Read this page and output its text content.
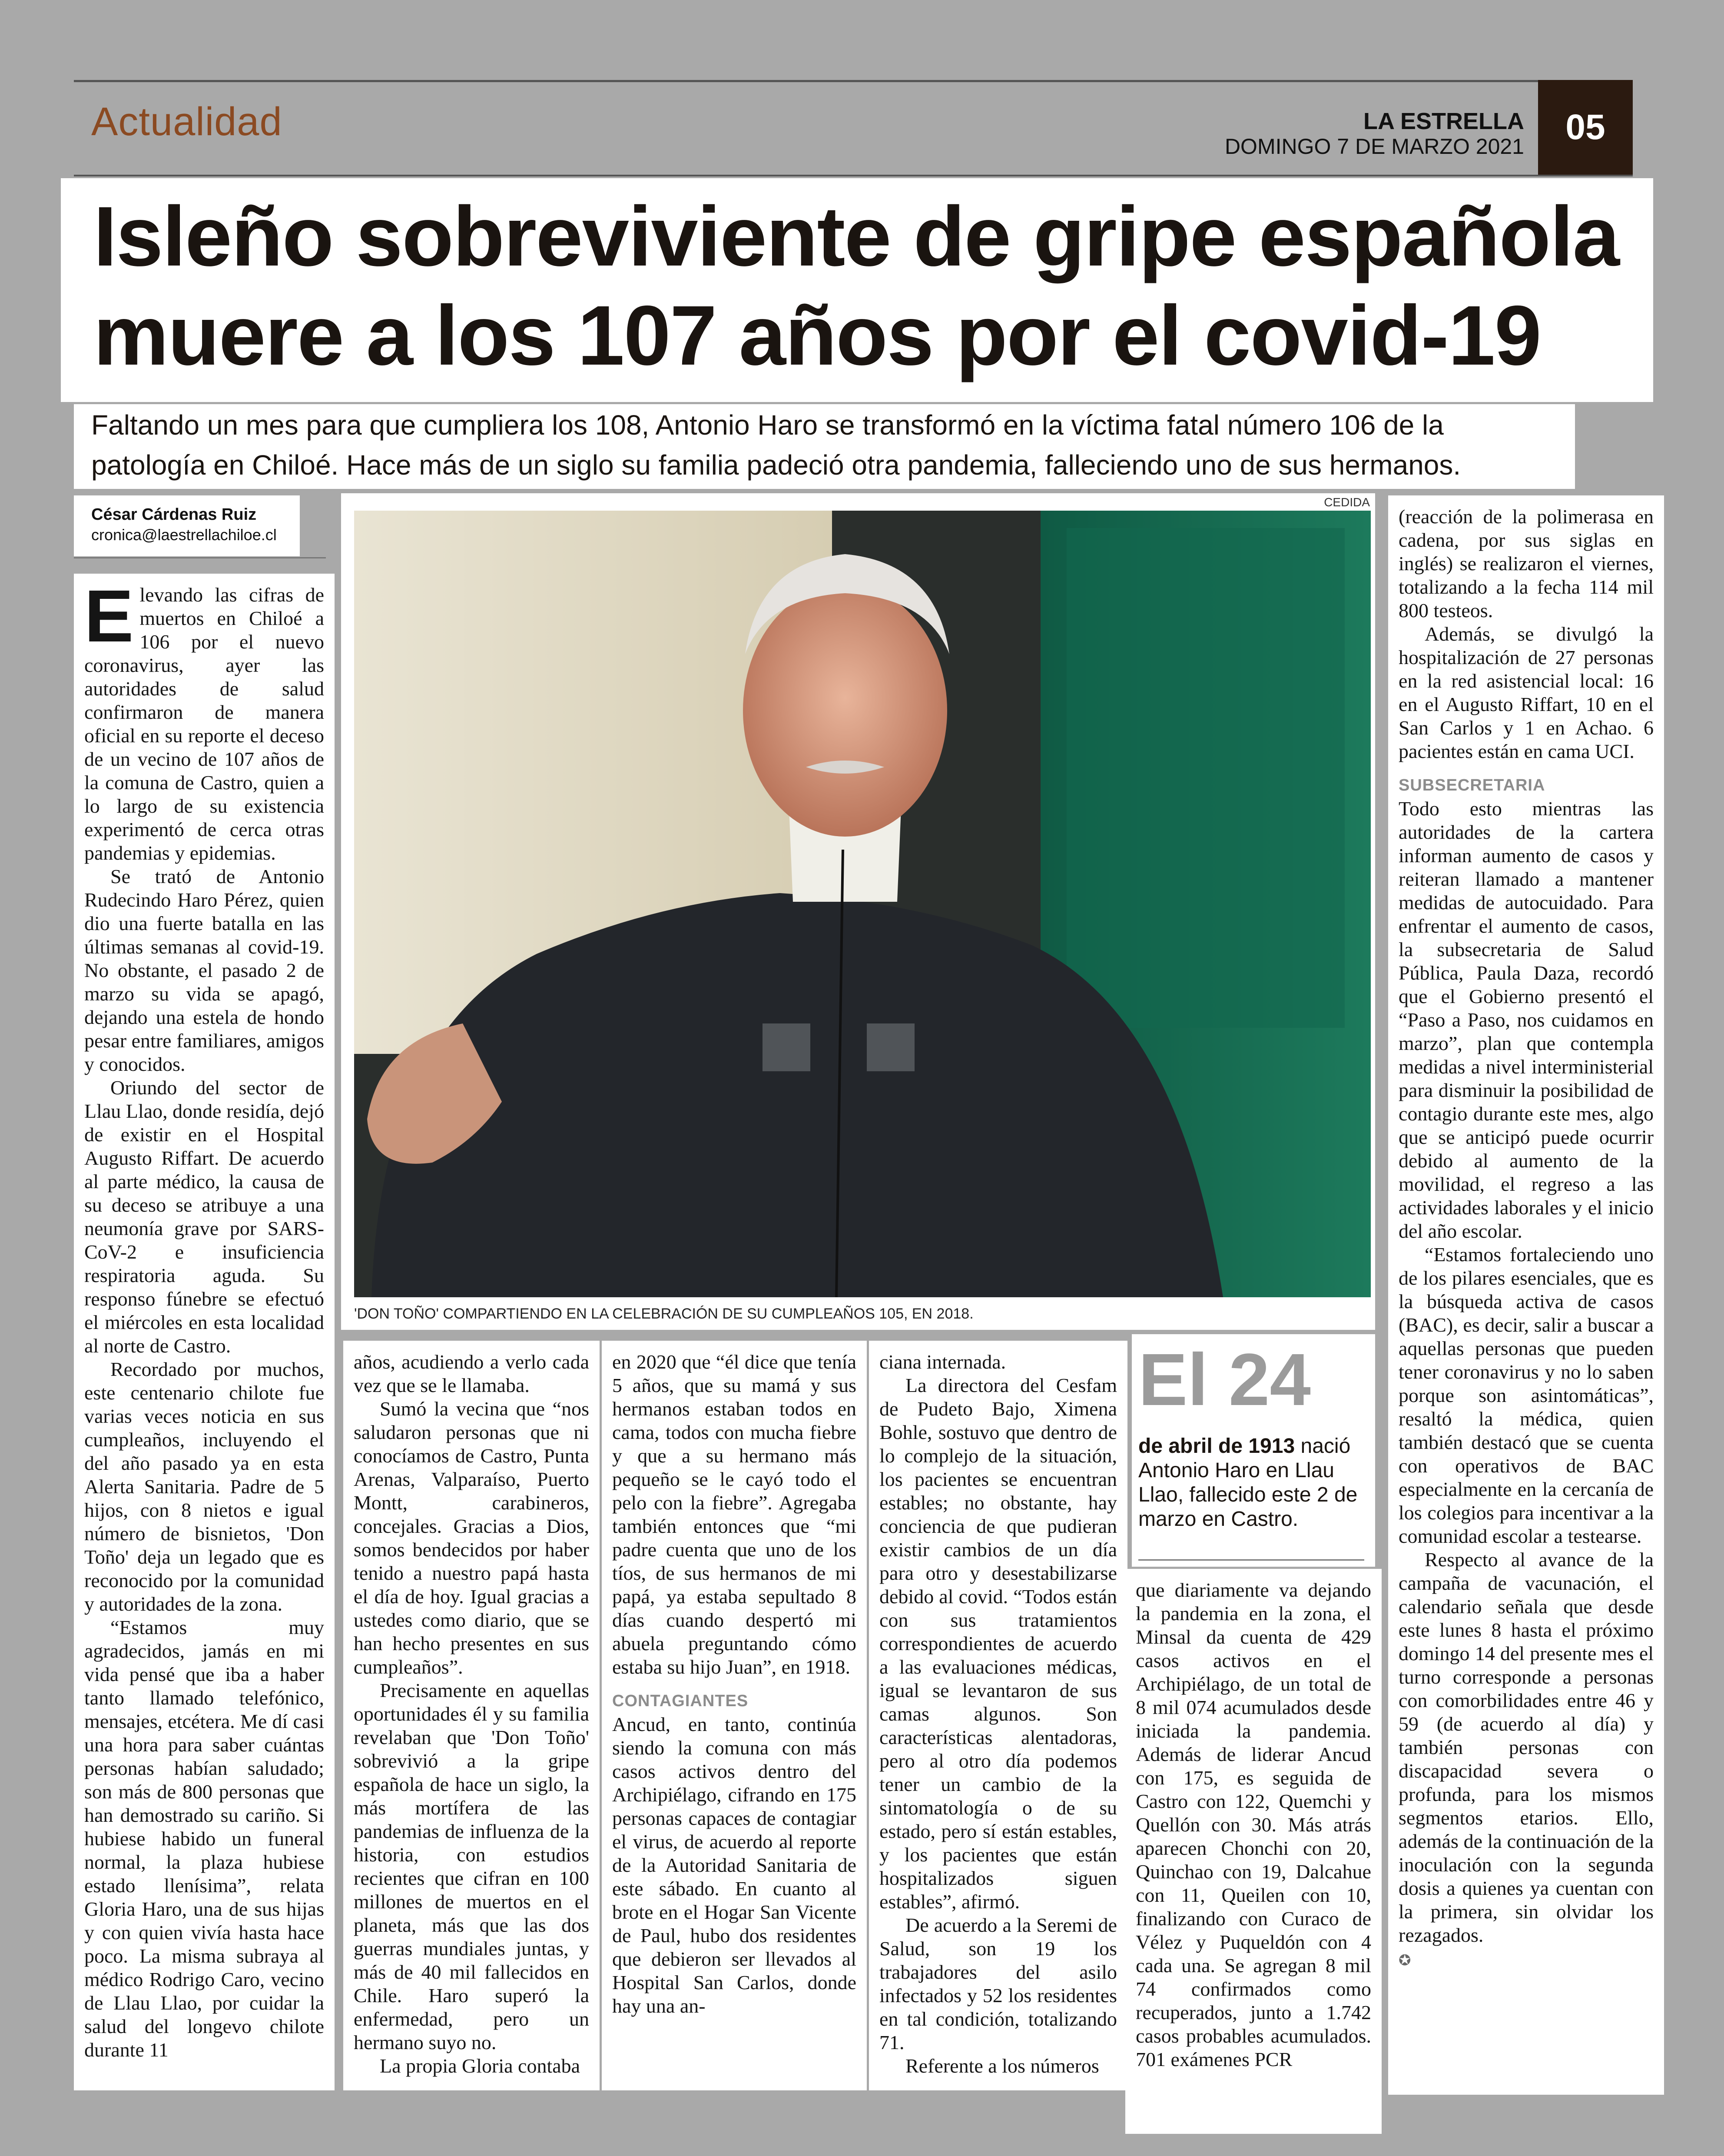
Actualidad	LA ESTRELLA
DOMINGO 7 DE MARZO 2021	05
Isleño sobreviviente de gripe española
muere a los 107 años por el covid-19
Faltando un mes para que cumpliera los 108, Antonio Haro se transformó en la víctima fatal número 106 de la
patología en Chiloé. Hace más de un siglo su familia padeció otra pandemia, falleciendo uno de sus hermanos.
César Cárdenas Ruiz
cronica@laestrellachiloe.cl
CEDIDA
'DON TOÑO' COMPARTIENDO EN LA CELEBRACIÓN DE SU CUMPLEAÑOS 105, EN 2018.

Elevando las cifras de muertos en Chiloé a 106 por el nuevo coronavirus, ayer las autoridades de salud confirmaron de manera oficial en su reporte el deceso de un vecino de 107 años de la comuna de Castro, quien a lo largo de su existencia experimentó de cerca otras pandemias y epidemias.

Se trató de Antonio Rudecindo Haro Pérez, quien dio una fuerte batalla en las últimas semanas al covid-19. No obstante, el pasado 2 de marzo su vida se apagó, dejando una estela de hondo pesar entre familiares, amigos y conocidos.

Oriundo del sector de Llau Llao, donde residía, dejó de existir en el Hospital Augusto Riffart. De acuerdo al parte médico, la causa de su deceso se atribuye a una neumonía grave por SARS-CoV-2 e insuficiencia respiratoria aguda. Su responso fúnebre se efectuó el miércoles en esta localidad al norte de Castro.

Recordado por muchos, este centenario chilote fue varias veces noticia en sus cumpleaños, incluyendo el del año pasado ya en esta Alerta Sanitaria. Padre de 5 hijos, con 8 nietos e igual número de bisnietos, 'Don Toño' deja un legado que es reconocido por la comunidad y autoridades de la zona.

“Estamos muy agradecidos, jamás en mi vida pensé que iba a haber tanto llamado telefónico, mensajes, etcétera. Me dí casi una hora para saber cuántas personas habían saludado; son más de 800 personas que han demostrado su cariño. Si hubiese habido un funeral normal, la plaza hubiese estado llenísima”, relata Gloria Haro, una de sus hijas y con quien vivía hasta hace poco. La misma subraya al médico Rodrigo Caro, vecino de Llau Llao, por cuidar la salud del longevo chilote durante 11

años, acudiendo a verlo cada vez que se le llamaba.

Sumó la vecina que “nos saludaron personas que ni conocíamos de Castro, Punta Arenas, Valparaíso, Puerto Montt, carabineros, concejales. Gracias a Dios, somos bendecidos por haber tenido a nuestro papá hasta el día de hoy. Igual gracias a ustedes como diario, que se han hecho presentes en sus cumpleaños”.

Precisamente en aquellas oportunidades él y su familia revelaban que 'Don Toño' sobrevivió a la gripe española de hace un siglo, la más mortífera de las pandemias de influenza de la historia, con estudios recientes que cifran en 100 millones de muertos en el planeta, más que las dos guerras mundiales juntas, y más de 40 mil fallecidos en Chile. Haro superó la enfermedad, pero un hermano suyo no.

La propia Gloria contaba

en 2020 que “él dice que tenía 5 años, que su mamá y sus hermanos estaban todos en cama, todos con mucha fiebre y que a su hermano más pequeño se le cayó todo el pelo con la fiebre”. Agregaba también entonces que “mi padre cuenta que uno de los tíos, de sus hermanos de mi papá, ya estaba sepultado 8 días cuando despertó mi abuela preguntando cómo estaba su hijo Juan”, en 1918.

CONTAGIANTES

Ancud, en tanto, continúa siendo la comuna con más casos activos dentro del Archipiélago, cifrando en 175 personas capaces de contagiar el virus, de acuerdo al reporte de la Autoridad Sanitaria de este sábado. En cuanto al brote en el Hogar San Vicente de Paul, hubo dos residentes que debieron ser llevados al Hospital San Carlos, donde hay una an-

ciana internada.

La directora del Cesfam de Pudeto Bajo, Ximena Bohle, sostuvo que dentro de lo complejo de la situación, los pacientes se encuentran estables; no obstante, hay conciencia de que pudieran existir cambios de un día para otro y desestabilizarse debido al covid. “Todos están con sus tratamientos correspondientes de acuerdo a las evaluaciones médicas, igual se levantaron de sus camas algunos. Son características alentadoras, pero al otro día podemos tener un cambio de la sintomatología o de su estado, pero sí están estables, y los pacientes que están hospitalizados siguen estables”, afirmó.

De acuerdo a la Seremi de Salud, son 19 los trabajadores del asilo infectados y 52 los residentes en tal condición, totalizando 71.

Referente a los números

El 24
de abril de 1913 nació Antonio Haro en Llau Llao, fallecido este 2 de marzo en Castro.

que diariamente va dejando la pandemia en la zona, el Minsal da cuenta de 429 casos activos en el Archipiélago, de un total de 8 mil 074 acumulados desde iniciada la pandemia. Además de liderar Ancud con 175, es seguida de Castro con 122, Quemchi y Quellón con 30. Más atrás aparecen Chonchi con 20, Quinchao con 19, Dalcahue con 11, Queilen con 10, finalizando con Curaco de Vélez y Puqueldón con 4 cada una. Se agregan 8 mil 74 confirmados como recuperados, junto a 1.742 casos probables acumulados. 701 exámenes PCR

(reacción de la polimerasa en cadena, por sus siglas en inglés) se realizaron el viernes, totalizando a la fecha 114 mil 800 testeos.

Además, se divulgó la hospitalización de 27 personas en la red asistencial local: 16 en el Augusto Riffart, 10 en el San Carlos y 1 en Achao. 6 pacientes están en cama UCI.

SUBSECRETARIA

Todo esto mientras las autoridades de la cartera informan aumento de casos y reiteran llamado a mantener medidas de autocuidado. Para enfrentar el aumento de casos, la subsecretaria de Salud Pública, Paula Daza, recordó que el Gobierno presentó el “Paso a Paso, nos cuidamos en marzo”, plan que contempla medidas a nivel interministerial para disminuir la posibilidad de contagio durante este mes, algo que se anticipó puede ocurrir debido al aumento de la movilidad, el regreso a las actividades laborales y el inicio del año escolar.

“Estamos fortaleciendo uno de los pilares esenciales, que es la búsqueda activa de casos (BAC), es decir, salir a buscar a aquellas personas que pueden tener coronavirus y no lo saben porque son asintomáticas”, resaltó la médica, quien también destacó que se cuenta con operativos de BAC especialmente en la cercanía de los colegios para incentivar a la comunidad escolar a testearse.

Respecto al avance de la campaña de vacunación, el calendario señala que desde este lunes 8 hasta el próximo domingo 14 del presente mes el turno corresponde a personas con comorbilidades entre 46 y 59 (de acuerdo al día) y también personas con discapacidad severa o profunda, para los mismos segmentos etarios. Ello, además de la continuación de la inoculación con la segunda dosis a quienes ya cuentan con la primera, sin olvidar los rezagados.

✪
